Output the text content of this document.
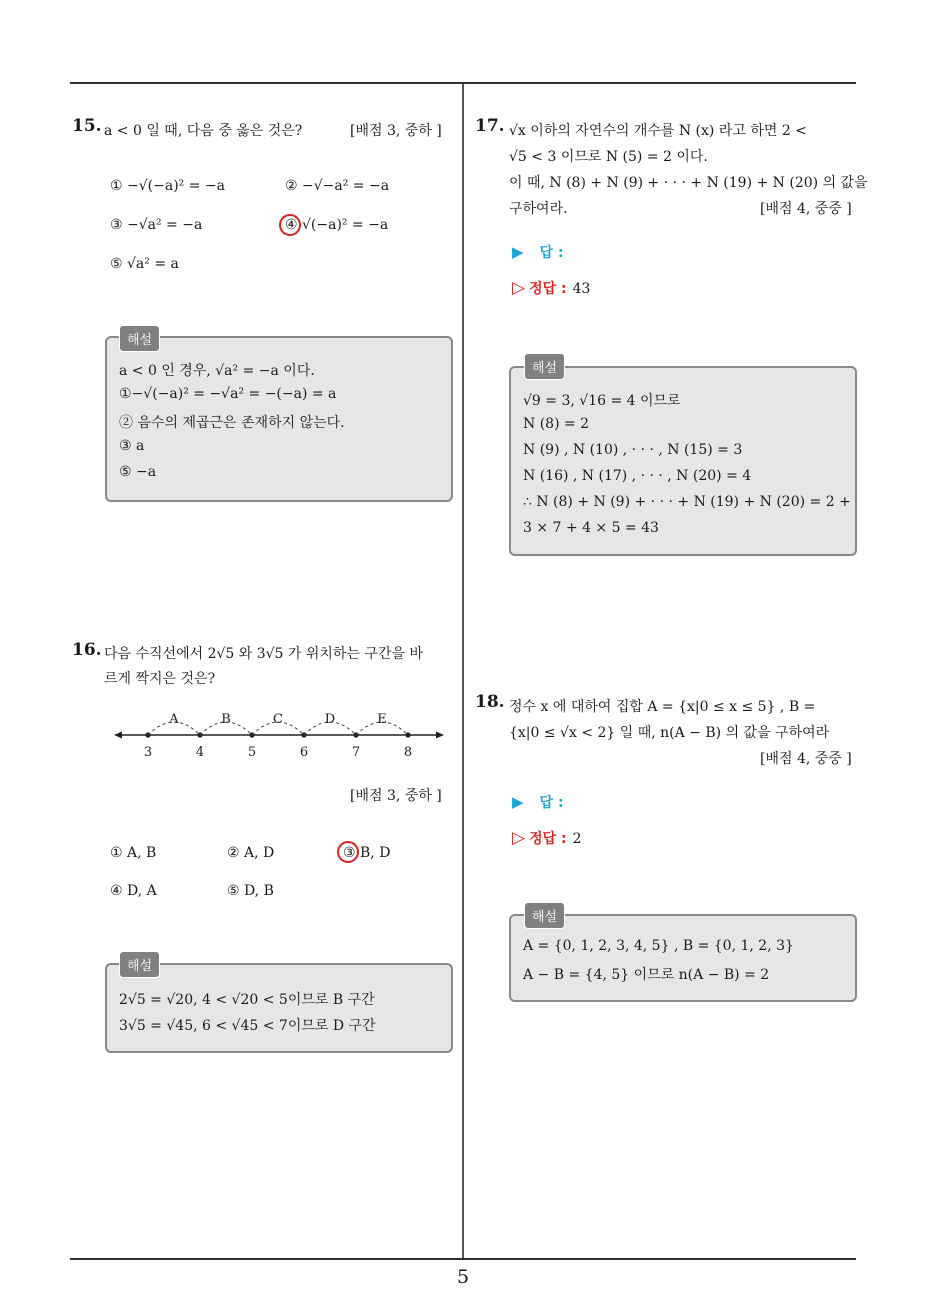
5
15. a < 0 일 때, 다음 중 옳은 것은?	[배점 3, 중하 ]
① −√(−a)² = −a	② −√−a² = −a
③ −√a² = −a	④ √(−a)² = −a
⑤ √a² = a
a < 0 인 경우, √a² = −a 이다.
①−√(−a)² = −√a² = −(−a) = a
② 음수의 제곱근은 존재하지 않는다.
③ a
⑤ −a
해설
16. 다음 수직선에서 2√5 와 3√5 가 위치하는 구간을 바
르게 짝지은 것은?
3	4	5	6	7	8
A	B	C	D	E
[배점 3, 중하 ]
① A, B	② A, D	③ B, D
④ D, A	⑤ D, B
2√5 = √20, 4 < √20 < 5이므로 B 구간
3√5 = √45, 6 < √45 < 7이므로 D 구간
해설
17. √x 이하의 자연수의 개수를 N (x) 라고 하면 2 <
√5 < 3 이므로 N (5) = 2 이다.
이 때, N (8) + N (9) + · · · + N (19) + N (20) 의 값을
구하여라.	[배점 4, 중중 ]
▶ 답 :
▷ 정답 : 43
√9 = 3, √16 = 4 이므로
N (8) = 2
N (9) , N (10) , · · · , N (15) = 3
N (16) , N (17) , · · · , N (20) = 4
∴ N (8) + N (9) + · · · + N (19) + N (20) = 2 +
3 × 7 + 4 × 5 = 43
해설
18. 정수 x 에 대하여 집합 A = {x|0 ≤ x ≤ 5} , B =
{x|0 ≤ √x < 2} 일 때, n(A − B) 의 값을 구하여라
[배점 4, 중중 ]
▶ 답 :
▷ 정답 : 2
A = {0, 1, 2, 3, 4, 5} , B = {0, 1, 2, 3}
A − B = {4, 5} 이므로 n(A − B) = 2
해설
